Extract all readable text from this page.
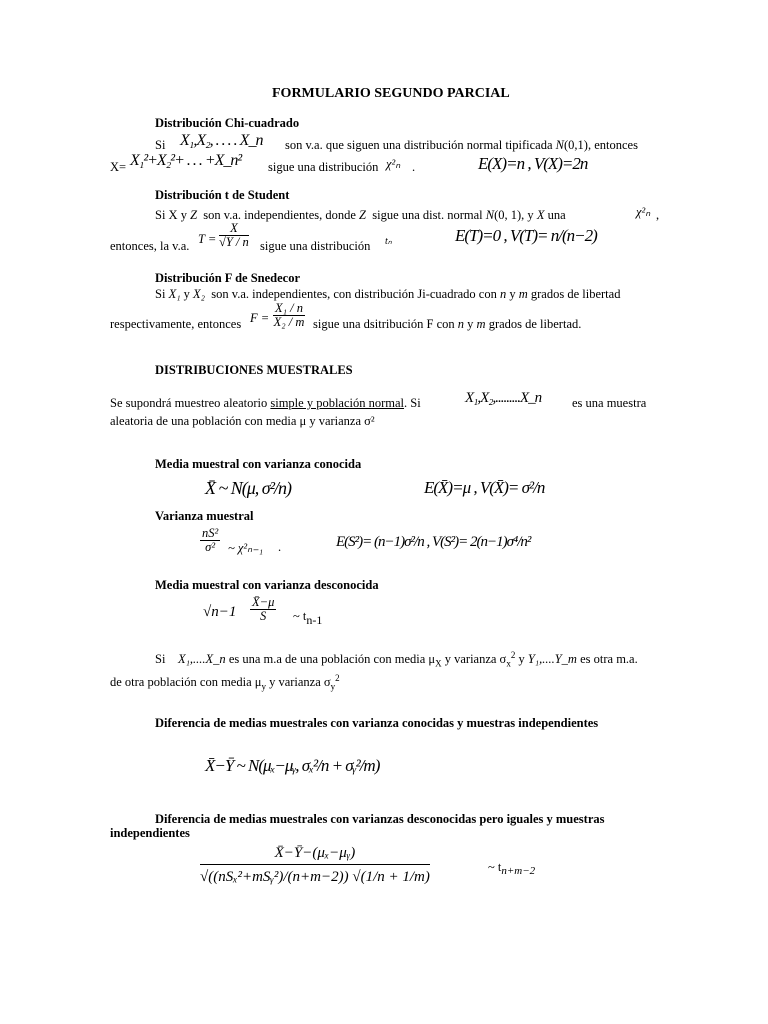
FORMULARIO SEGUNDO PARCIAL
Distribución Chi-cuadrado
Si X₁,X₂, . . . . X_n son v.a. que siguen una distribución normal tipificada N(0,1), entonces
X= X₁²+X₂²+ . . . +X_n² sigue una distribución χ²ₙ .	E(X)=n , V(X)=2n
Distribución t de Student
Si X y Z son v.a. independientes, donde Z sigue una dist. normal N(0, 1), y X una	χ²ₙ ,
entonces, la v.a. $T = \frac{X}{√Y / n}$ sigue una distribución tₙ	E(T)=0 , V(T)= n/(n−2)
Distribución F de Snedecor
Si X₁ y X₂ son v.a. independientes, con distribución Ji-cuadrado con n y m grados de libertad
respectivamente, entonces $F = \frac{\text{X₁ / n}}{\text{X₂ / m}}$ sigue una dsitribución F con n y m grados de libertad.
DISTRIBUCIONES MUESTRALES
Se supondrá muestreo aleatorio simple y población normal. Si	X₁,X₂,.........X_n es una muestra
aleatoria de una población con media μ y varianza σ²
Media muestral con varianza conocida
X̄ ~ N(μ, σ²/n)	E(X̄)=μ , V(X̄)= σ²/n
Varianza muestral
$\frac{\text{nS²}}{\text{σ²}}$ ~ χ²ₙ₋₁ .	E(S²)= (n−1)σ²/n , V(S²)= 2(n−1)σ⁴/n²
Media muestral con varianza desconocida
$√n-1 \frac{X̄-\mu}{S}$ ~ tn-1
Si X₁,....X_n es una m.a de una población con media $\mu_X$ y varianza $\sigma_x^2$ y Y₁,....Y_m es otra m.a.
de otra población con media $\mu_y$ y varianza $\sigma_y^2$
Diferencia de medias muestrales con varianza conocidas y muestras independientes
X̄−Ȳ ~ N(μₓ−μᵧ, σₓ²/n + σᵧ²/m)
Diferencia de medias muestrales con varianzas desconocidas pero iguales y muestras
independientes
X̄−Ȳ−(μₓ−μᵧ)
√((nSₓ²+mSᵧ²)/(n+m−2)) √(1/n + 1/m)
~ tn+m−2
